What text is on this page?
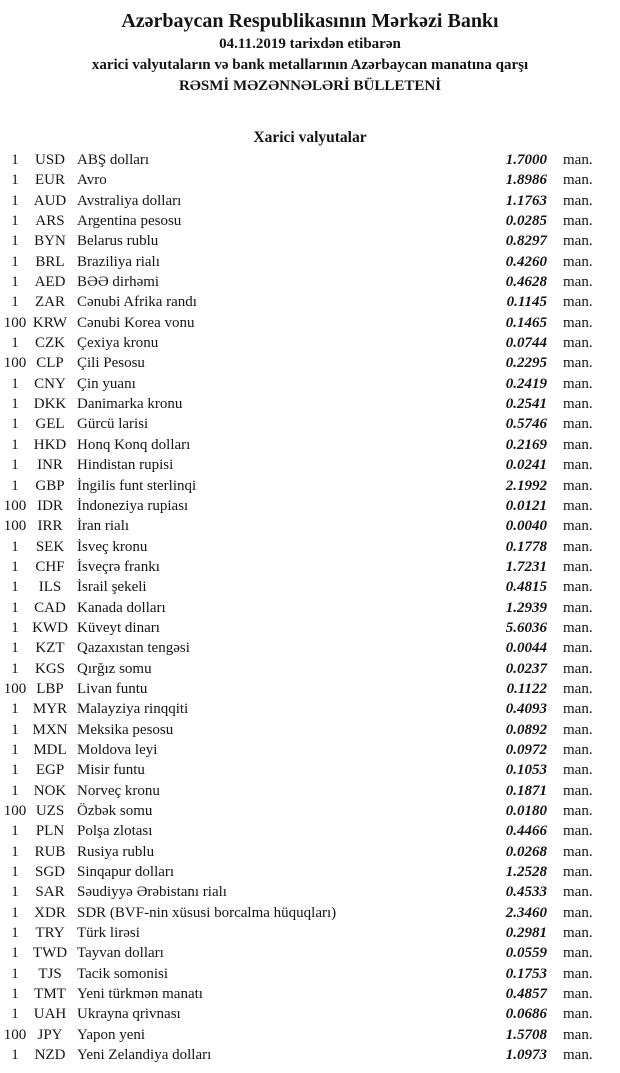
Azərbaycan Respublikasının Mərkəzi Bankı
04.11.2019 tarixdən etibarən
xarici valyutaların və bank metallarının Azərbaycan manatına qarşı
RƏSMİ MƏZƏNNƏLƏRİ BÜLLETENİ
Xarici valyutalar
1	USD ABŞ dolları	1.7000 man.
1	EUR Avro	1.8986 man.
1	AUD Avstraliya dolları	1.1763 man.
1	ARS Argentina pesosu	0.0285 man.
1	BYN Belarus rublu	0.8297 man.
1	BRL Braziliya rialı	0.4260 man.
1	AED BƏƏ dirhəmi	0.4628 man.
1	ZAR Cənubi Afrika randı	0.1145 man.
100 KRW Cənubi Korea vonu	0.1465 man.
1	CZK Çexiya kronu	0.0744 man.
100 CLP Çili Pesosu	0.2295 man.
1	CNY Çin yuanı	0.2419 man.
1	DKK Danimarka kronu	0.2541 man.
1	GEL Gürcü larisi	0.5746 man.
1	HKD Honq Konq dolları	0.2169 man.
1	INR Hindistan rupisi	0.0241 man.
1	GBP İngilis funt sterlinqi	2.1992 man.
100 IDR İndoneziya rupiası	0.0121 man.
100 IRR İran rialı	0.0040 man.
1	SEK İsveç kronu	0.1778 man.
1	CHF İsveçrə frankı	1.7231 man.
1	ILS	İsrail şekeli	0.4815 man.
1	CAD Kanada dolları	1.2939 man.
1 KWD Küveyt dinarı	5.6036 man.
1	KZT Qazaxıstan tengəsi	0.0044 man.
1	KGS Qırğız somu	0.0237 man.
100 LBP Livan funtu	0.1122 man.
1 MYR Malayziya rinqqiti	0.4093 man.
1 MXN Meksika pesosu	0.0892 man.
1 MDL Moldova leyi	0.0972 man.
1	EGP Misir funtu	0.1053 man.
1	NOK Norveç kronu	0.1871 man.
100 UZS Özbək somu	0.0180 man.
1	PLN Polşa zlotası	0.4466 man.
1	RUB Rusiya rublu	0.0268 man.
1	SGD Sinqapur dolları	1.2528 man.
1	SAR Səudiyyə Ərəbistanı rialı	0.4533 man.
1	XDR SDR (BVF-nin xüsusi borcalma hüquqları)	2.3460 man.
1	TRY Türk lirəsi	0.2981 man.
1 TWD Tayvan dolları	0.0559 man.
1	TJS	Tacik somonisi	0.1753 man.
1	TMT Yeni türkmən manatı	0.4857 man.
1	UAH Ukrayna qrivnası	0.0686 man.
100 JPY Yapon yeni	1.5708 man.
1	NZD Yeni Zelandiya dolları	1.0973 man.
